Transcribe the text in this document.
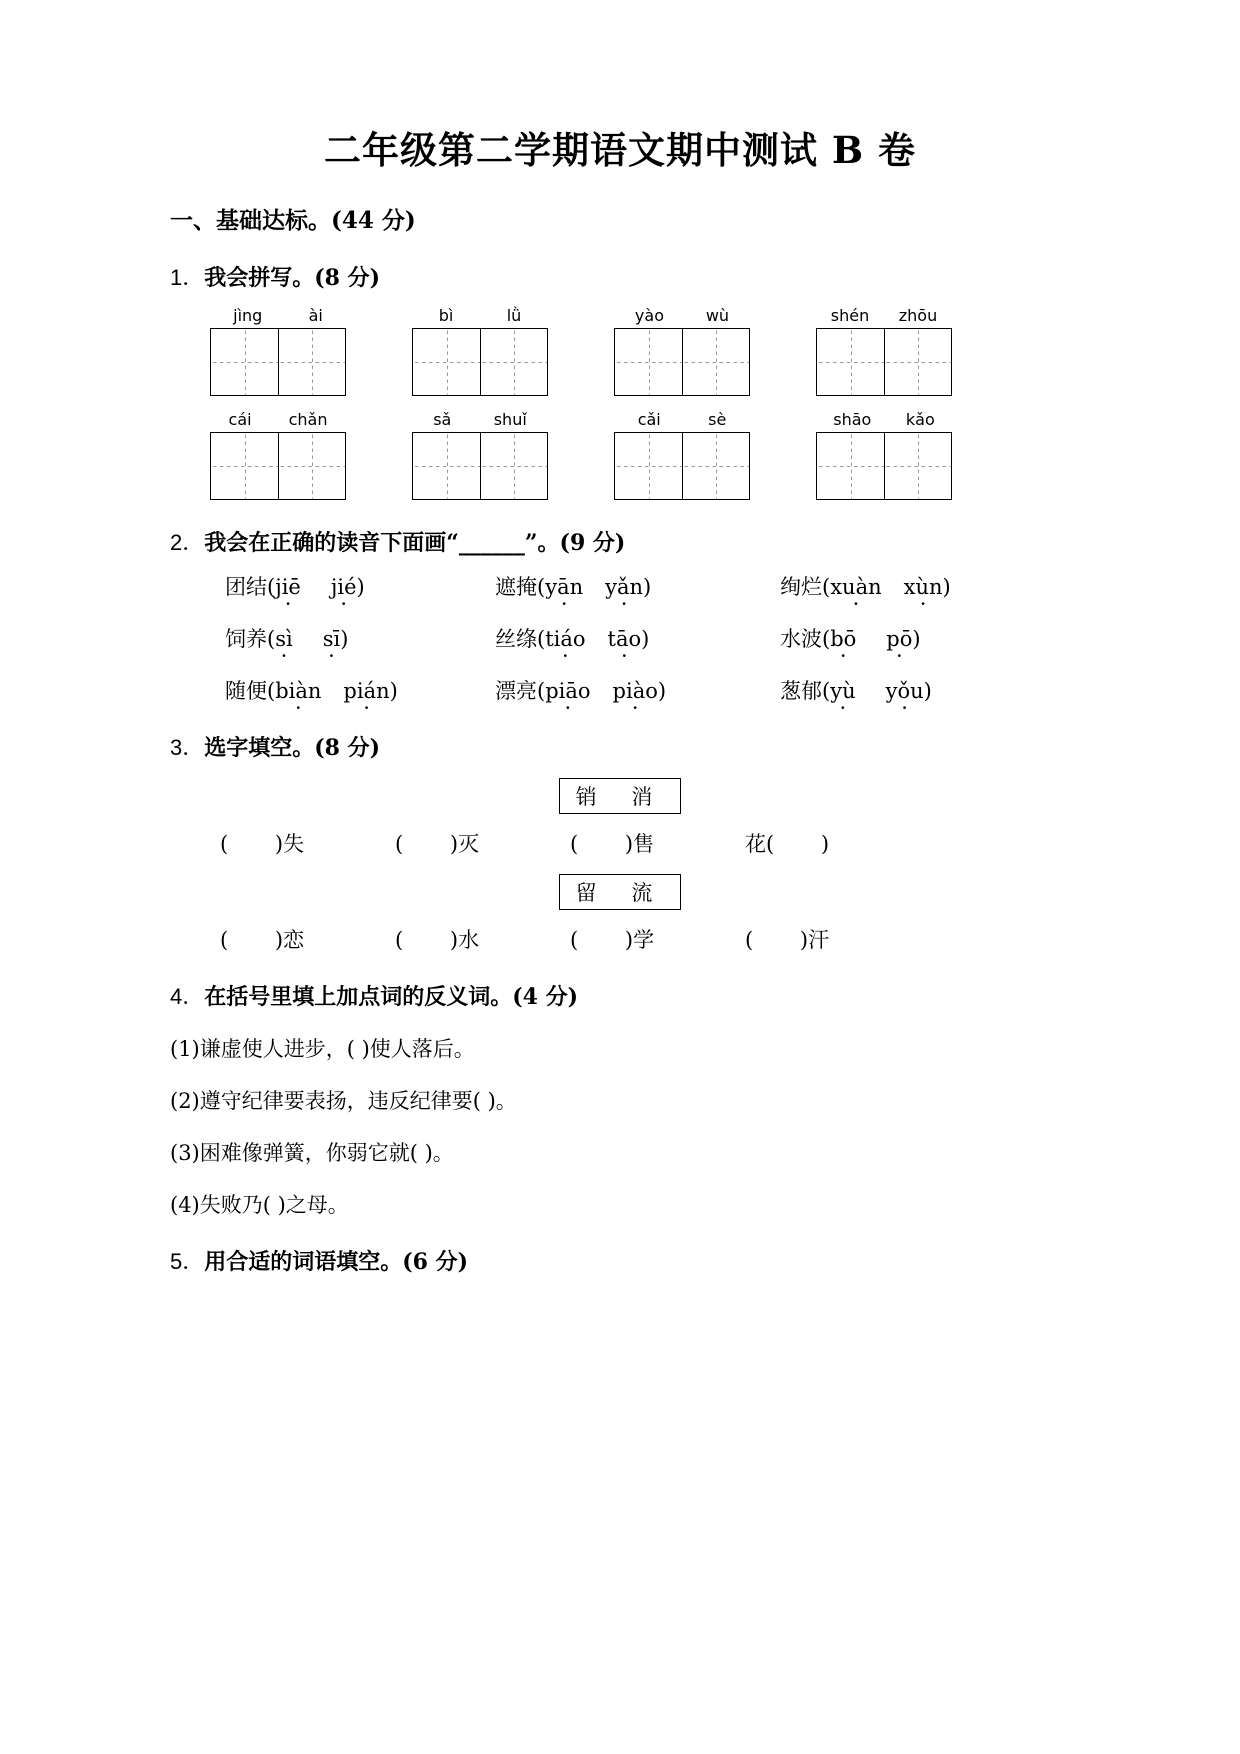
二年级第二学期语文期中测试 B 卷
一、基础达标。(44 分)
1．我会拼写。(8 分)
jìng	ài	bì	lǜ	yào	wù	shén zhōu
cái chǎn	sǎ	shuǐ	cǎi	sè	shāo kǎo
2．我会在正确的读音下面画“______”。(9 分)
团结(jiē · jié ·)	遮掩(yān · yǎn ·)	绚烂(xuàn · xùn ·)
饲养(sì · sī ·)	丝绦(tiáo · tāo ·)	水波(bō · pō ·)
随便(biàn · pián ·)	漂亮(piāo · piào ·)	葱郁(yù · yǒu ·)
3．选字填空。(8 分)
销 消
(       )失	(       )灭	(       )售	花(       )
留 流
(       )恋	(       )水	(       )学	(       )汗
4．在括号里填上加点词的反义词。(4 分)
(1)谦虚使人进步，( )使人落后。
(2)遵守纪律要表扬，违反纪律要( )。
(3)困难像弹簧，你弱它就( )。
(4)失败乃( )之母。
5．用合适的词语填空。(6 分)
